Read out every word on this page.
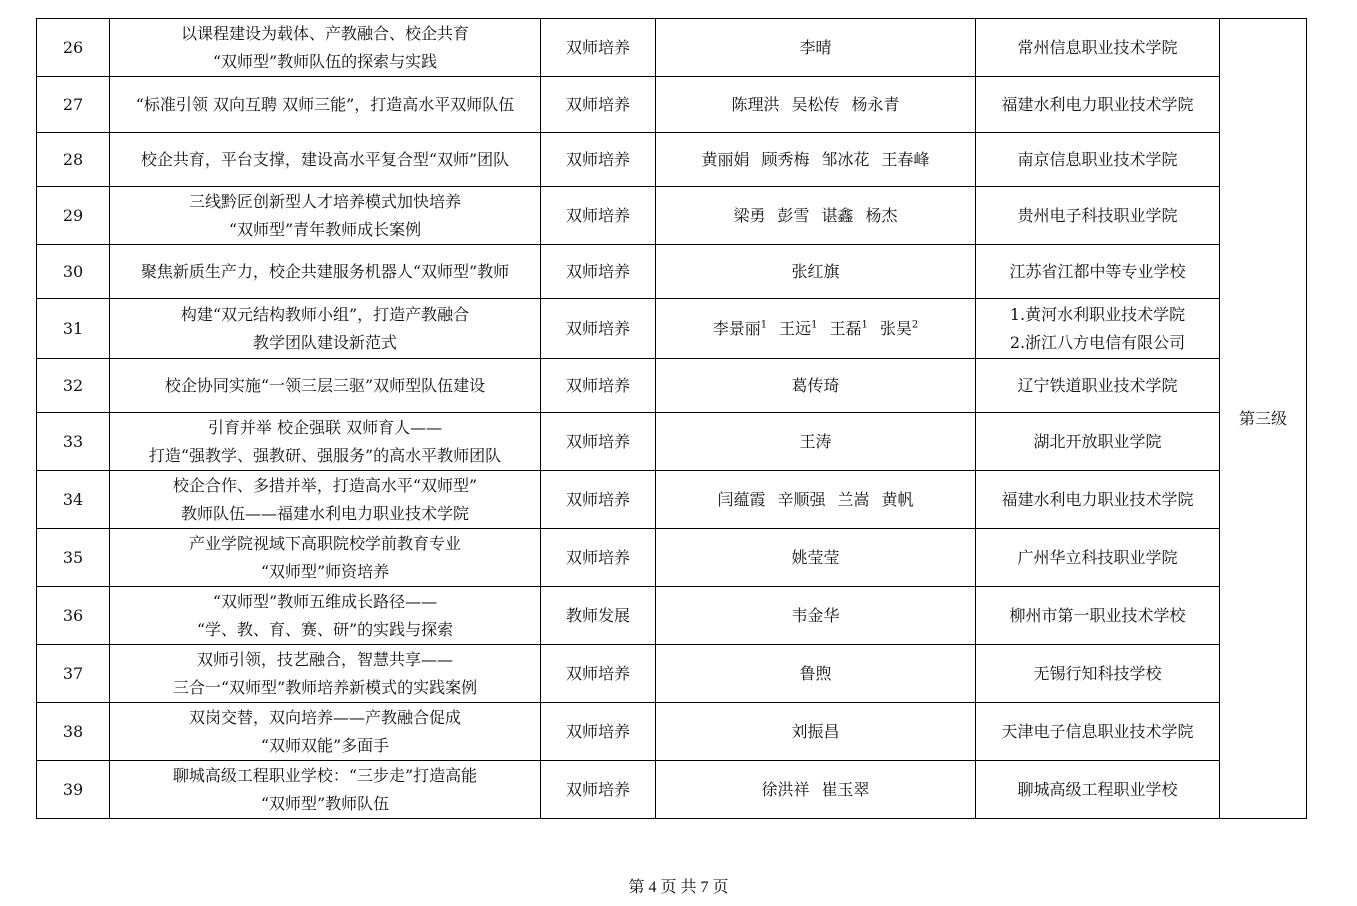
26	以课程建设为载体、产教融合、校企共育
“双师型”教师队伍的探索与实践	双师培养	李晴	常州信息职业技术学院	第三级
27	“标准引领 双向互聘 双师三能”，打造高水平双师队伍	双师培养	陈理洪 吴松传 杨永青	福建水利电力职业技术学院	

28	校企共育，平台支撑，建设高水平复合型“双师”团队	双师培养	黄丽娟 顾秀梅 邹冰花 王春峰	南京信息职业技术学院	

29	三线黔匠创新型人才培养模式加快培养
“双师型”青年教师成长案例	双师培养	梁勇 彭雪 谌鑫 杨杰	贵州电子科技职业学院	

30	聚焦新质生产力，校企共建服务机器人“双师型”教师	双师培养	张红旗	江苏省江都中等专业学校	

31	构建“双元结构教师小组”，打造产教融合
教学团队建设新范式	双师培养	李景丽$^1$ 王远$^1$ 王磊$^1$ 张昊$^2$	1.黄河水利职业技术学院
2.浙江八方电信有限公司	

32	校企协同实施“一领三层三驱”双师型队伍建设	双师培养	葛传琦	辽宁铁道职业技术学院	

33	引育并举 校企强联 双师育人——
打造“强教学、强教研、强服务”的高水平教师团队	双师培养	王涛	湖北开放职业学院	

34	校企合作、多措并举，打造高水平“双师型”
教师队伍——福建水利电力职业技术学院	双师培养	闫蕴霞 辛顺强 兰嵩 黄帆	福建水利电力职业技术学院	

35	产业学院视域下高职院校学前教育专业
“双师型”师资培养	双师培养	姚莹莹	广州华立科技职业学院	

36	“双师型”教师五维成长路径——
“学、教、育、赛、研”的实践与探索	教师发展	韦金华	柳州市第一职业技术学校	

37	双师引领，技艺融合，智慧共享——
三合一“双师型”教师培养新模式的实践案例	双师培养	鲁煦	无锡行知科技学校	

38	双岗交替，双向培养——产教融合促成
“双师双能”多面手	双师培养	刘振昌	天津电子信息职业技术学院	

39	聊城高级工程职业学校：“三步走”打造高能
“双师型”教师队伍	双师培养	徐洪祥 崔玉翠	聊城高级工程职业学校	
第 4 页 共 7 页
